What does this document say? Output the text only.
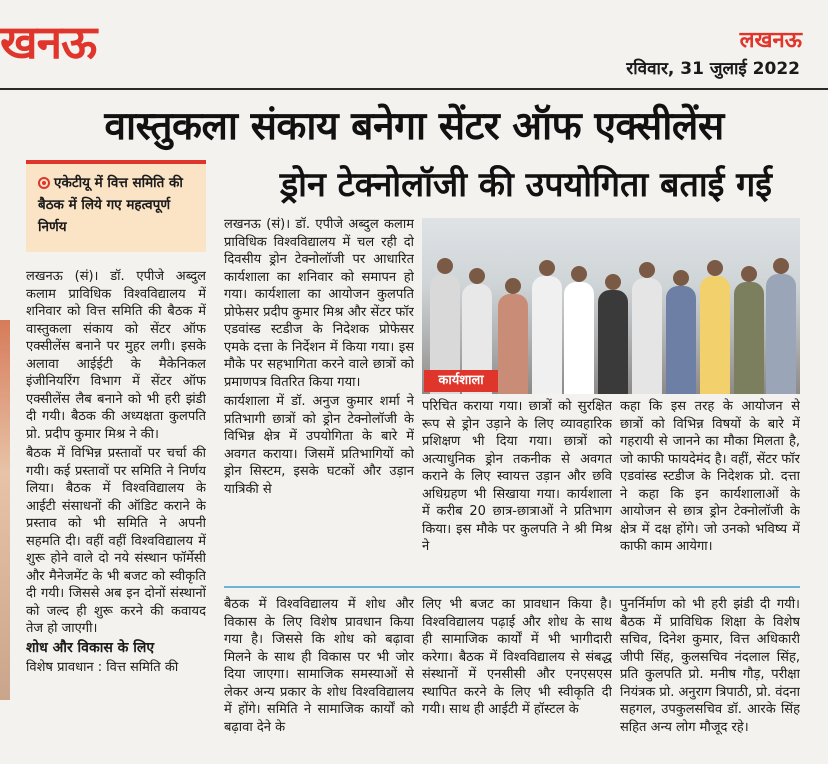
खनऊ	लखनऊ
रविवार, 31 जुलाई 2022
वास्तुकला संकाय बनेगा सेंटर ऑफ एक्सीलेंस
ड्रोन टेक्नोलॉजी की उपयोगिता बताई गई

एकेटीयू में वित्त समिति की बैठक में लिये गए महत्वपूर्ण निर्णय

लखनऊ (सं)। डॉ. एपीजे अब्दुल कलाम प्राविधिक विश्वविद्यालय में शनिवार को वित्त समिति की बैठक में वास्तुकला संकाय को सेंटर ऑफ एक्सीलेंस बनाने पर मुहर लगी। इसके अलावा आईईटी के मैकेनिकल इंजीनियरिंग विभाग में सेंटर ऑफ एक्सीलेंस लैब बनाने को भी हरी झंडी दी गयी। बैठक की अध्यक्षता कुलपति प्रो. प्रदीप कुमार मिश्र ने की।

बैठक में विभिन्न प्रस्तावों पर चर्चा की गयी। कई प्रस्तावों पर समिति ने निर्णय लिया। बैठक में विश्वविद्यालय के आईटी संसाधनों की ऑडिट कराने के प्रस्ताव को भी समिति ने अपनी सहमति दी। वहीं वहीं विश्वविद्यालय में शुरू होने वाले दो नये संस्थान फॉर्मेसी और मैनेजमेंट के भी बजट को स्वीकृति दी गयी। जिससे अब इन दोनों संस्थानों को जल्द ही शुरू करने की कवायद तेज हो जाएगी।

शोध और विकास के लिए

विशेष प्रावधान : वित्त समिति की

लखनऊ (सं)। डॉ. एपीजे अब्दुल कलाम प्राविधिक विश्वविद्यालय में चल रही दो दिवसीय ड्रोन टेक्नोलॉजी पर आधारित कार्यशाला का शनिवार को समापन हो गया। कार्यशाला का आयोजन कुलपति प्रोफेसर प्रदीप कुमार मिश्र और सेंटर फॉर एडवांस्ड स्टडीज के निदेशक प्रोफेसर एमके दत्ता के निर्देशन में किया गया। इस मौके पर सहभागिता करने वाले छात्रों को प्रमाणपत्र वितरित किया गया।

कार्यशाला में डॉ. अनुज कुमार शर्मा ने प्रतिभागी छात्रों को ड्रोन टेक्नोलॉजी के विभिन्न क्षेत्र में उपयोगिता के बारे में अवगत कराया। जिसमें प्रतिभागियों को ड्रोन सिस्टम, इसके घटकों और उड़ान यात्रिकी से

कार्यशाला
परिचित कराया गया। छात्रों को सुरक्षित रूप से ड्रोन उड़ाने के लिए व्यावहारिक प्रशिक्षण भी दिया गया। छात्रों को अत्याधुनिक ड्रोन तकनीक से अवगत कराने के लिए स्वायत्त उड़ान और छवि अधिग्रहण भी सिखाया गया। कार्यशाला में करीब 20 छात्र-छात्राओं ने प्रतिभाग किया। इस मौके पर कुलपति ने श्री मिश्र ने
कहा कि इस तरह के आयोजन से छात्रों को विभिन्न विषयों के बारे में गहरायी से जानने का मौका मिलता है, जो काफी फायदेमंद है। वहीं, सेंटर फॉर एडवांस्ड स्टडीज के निदेशक प्रो. दत्ता ने कहा कि इन कार्यशालाओं के आयोजन से छात्र ड्रोन टेक्नोलॉजी के क्षेत्र में दक्ष होंगे। जो उनको भविष्य में काफी काम आयेगा।
बैठक में विश्वविद्यालय में शोध और विकास के लिए विशेष प्रावधान किया गया है। जिससे कि शोध को बढ़ावा मिलने के साथ ही विकास पर भी जोर दिया जाएगा। सामाजिक समस्याओं से लेकर अन्य प्रकार के शोध विश्वविद्यालय में होंगे। समिति ने सामाजिक कार्यों को बढ़ावा देने के
लिए भी बजट का प्रावधान किया है। विश्वविद्यालय पढ़ाई और शोध के साथ ही सामाजिक कार्यों में भी भागीदारी करेगा। बैठक में विश्वविद्यालय से संबद्ध संस्थानों में एनसीसी और एनएसएस स्थापित करने के लिए भी स्वीकृति दी गयी। साथ ही आईटी में हॉस्टल के
पुनर्निर्माण को भी हरी झंडी दी गयी। बैठक में प्राविधिक शिक्षा के विशेष सचिव, दिनेश कुमार, वित्त अधिकारी जीपी सिंह, कुलसचिव नंदलाल सिंह, प्रति कुलपति प्रो. मनीष गौड़, परीक्षा नियंत्रक प्रो. अनुराग त्रिपाठी, प्रो. वंदना सहगल, उपकुलसचिव डॉ. आरके सिंह सहित अन्य लोग मौजूद रहे।
